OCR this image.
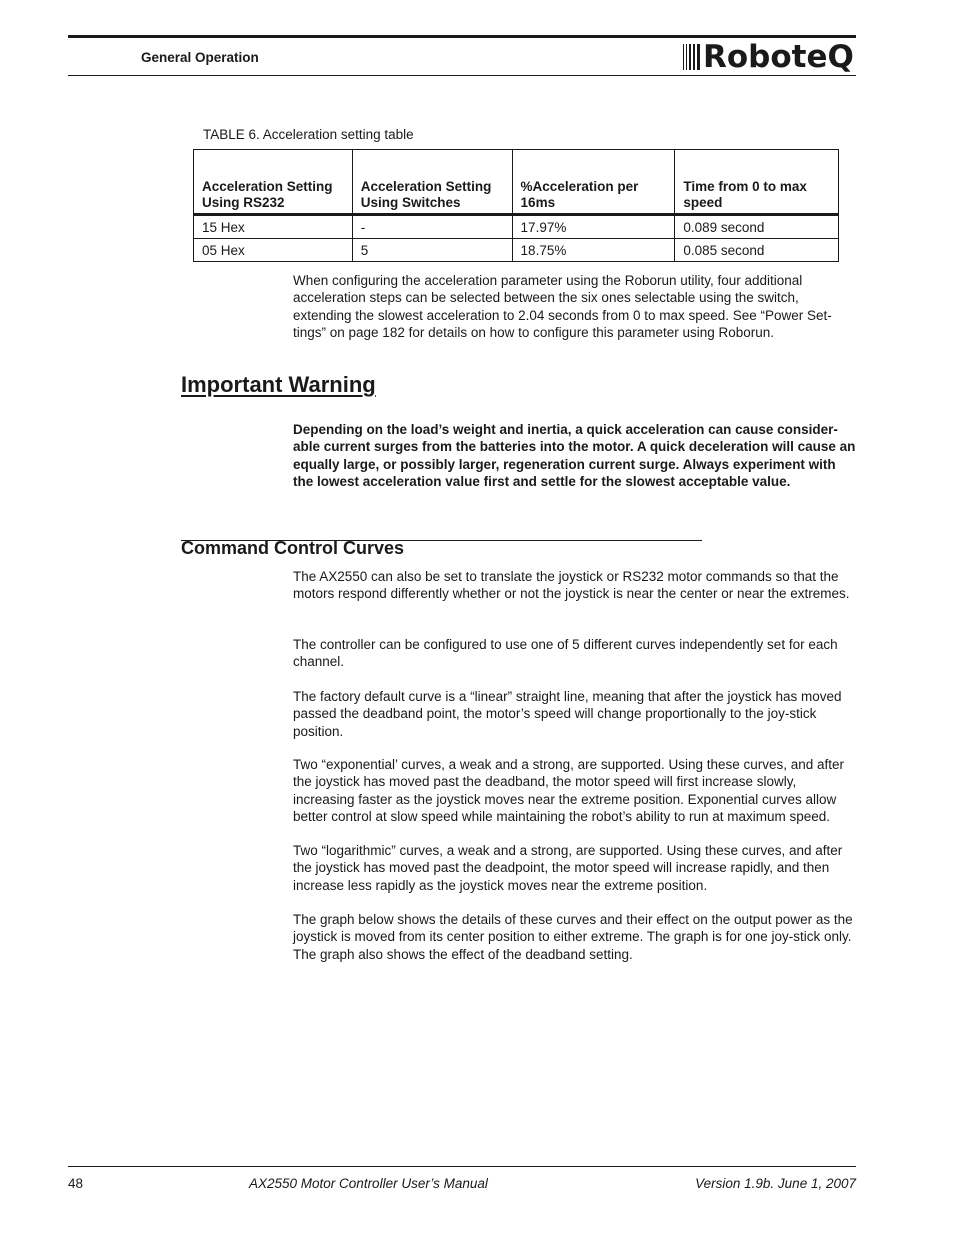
General Operation	RoboteQ
TABLE 6. Acceleration setting table
Acceleration Setting Using RS232	Acceleration Setting Using Switches	%Acceleration per 16ms	Time from 0 to max speed
15 Hex	-	17.97%	0.089 second
05 Hex	5	18.75%	0.085 second
When configuring the acceleration parameter using the Roborun utility, four additional acceleration steps can be selected between the six ones selectable using the switch, extending the slowest acceleration to 2.04 seconds from 0 to max speed. See “Power Set-tings” on page 182 for details on how to configure this parameter using Roborun.
Important Warning
Depending on the load’s weight and inertia, a quick acceleration can cause consider-able current surges from the batteries into the motor. A quick deceleration will cause an equally large, or possibly larger, regeneration current surge. Always experiment with the lowest acceleration value first and settle for the slowest acceptable value.
Command Control Curves
The AX2550 can also be set to translate the joystick or RS232 motor commands so that the motors respond differently whether or not the joystick is near the center or near the extremes.
The controller can be configured to use one of 5 different curves independently set for each channel.
The factory default curve is a “linear” straight line, meaning that after the joystick has moved passed the deadband point, the motor’s speed will change proportionally to the joy-stick position.
Two “exponential’ curves, a weak and a strong, are supported. Using these curves, and after the joystick has moved past the deadband, the motor speed will first increase slowly, increasing faster as the joystick moves near the extreme position. Exponential curves allow better control at slow speed while maintaining the robot’s ability to run at maximum speed.
Two “logarithmic” curves, a weak and a strong, are supported. Using these curves, and after the joystick has moved past the deadpoint, the motor speed will increase rapidly, and then increase less rapidly as the joystick moves near the extreme position.
The graph below shows the details of these curves and their effect on the output power as the joystick is moved from its center position to either extreme. The graph is for one joy-stick only. The graph also shows the effect of the deadband setting.
48	AX2550 Motor Controller User’s Manual	Version 1.9b. June 1, 2007
